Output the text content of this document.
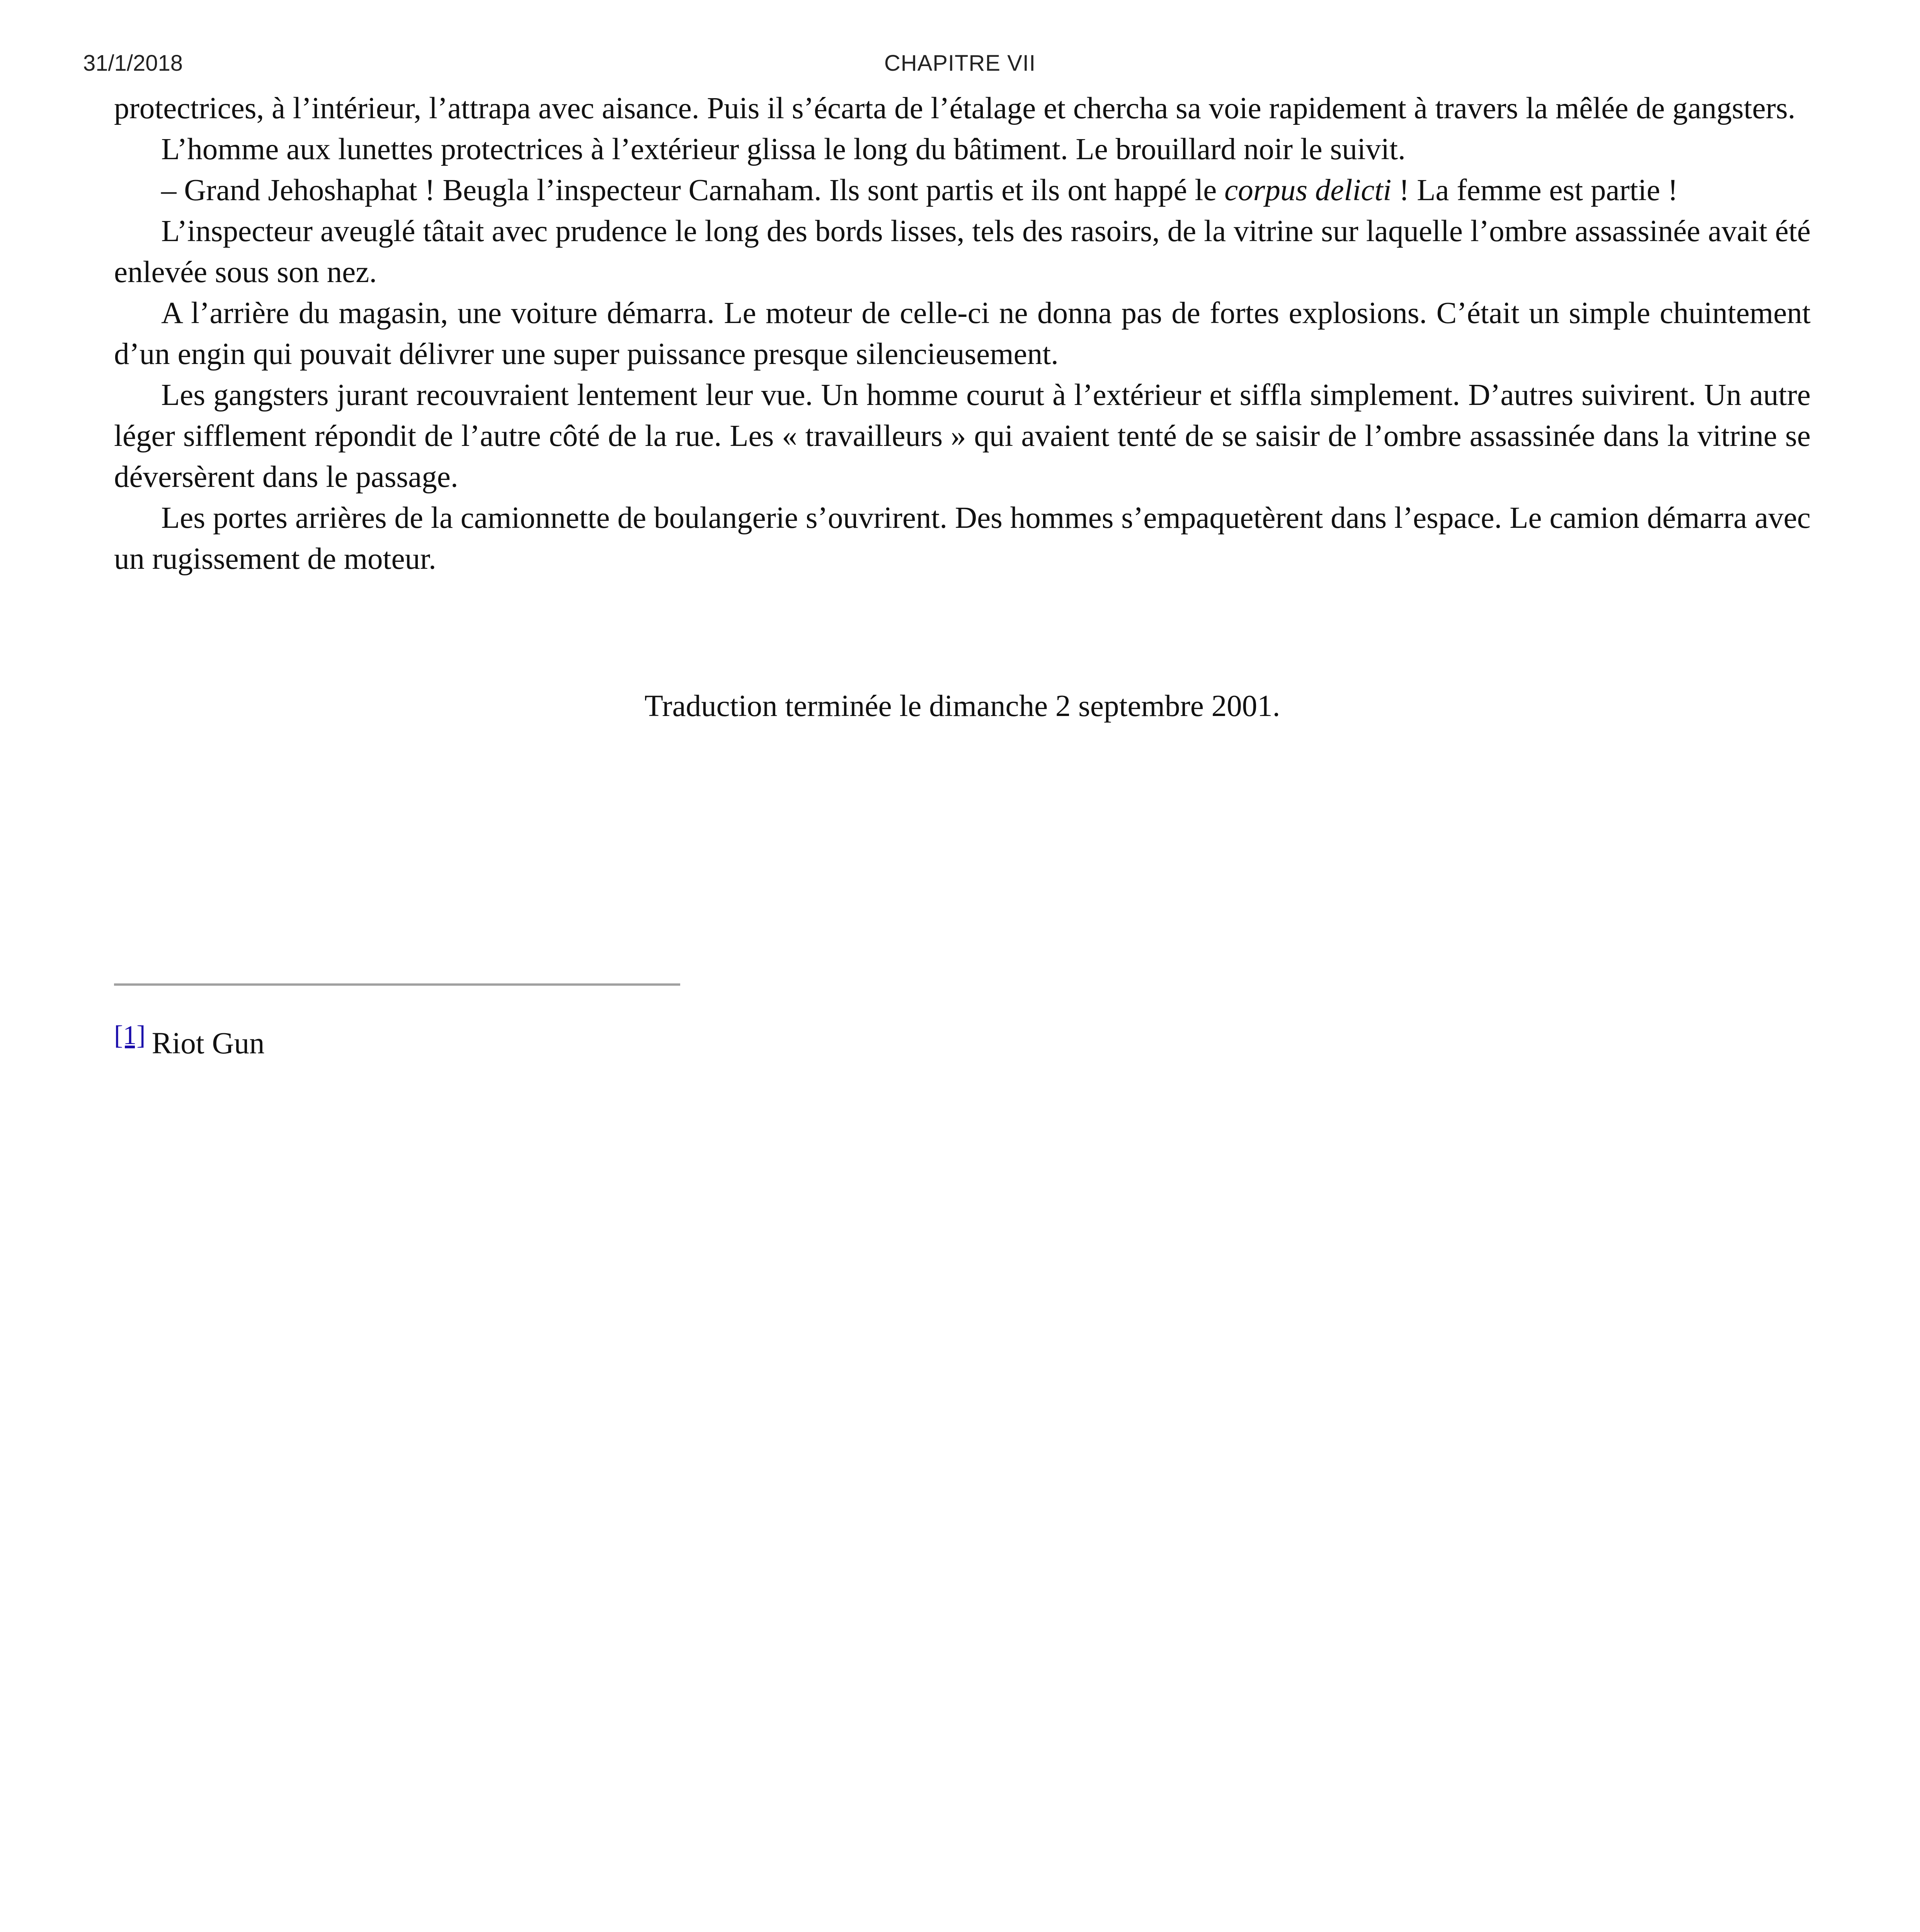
31/1/2018	CHAPITRE VII

protectrices, à l’intérieur, l’attrapa avec aisance. Puis il s’écarta de l’étalage et chercha sa voie rapidement à travers la mêlée de gangsters.

L’homme aux lunettes protectrices à l’extérieur glissa le long du bâtiment. Le brouillard noir le suivit.

– Grand Jehoshaphat ! Beugla l’inspecteur Carnaham. Ils sont partis et ils ont happé le corpus delicti ! La femme est partie !

L’inspecteur aveuglé tâtait avec prudence le long des bords lisses, tels des rasoirs, de la vitrine sur laquelle l’ombre assassinée avait été enlevée sous son nez.

A l’arrière du magasin, une voiture démarra. Le moteur de celle-ci ne donna pas de fortes explosions. C’était un simple chuintement d’un engin qui pouvait délivrer une super puissance presque silencieusement.

Les gangsters jurant recouvraient lentement leur vue. Un homme courut à l’extérieur et siffla simplement. D’autres suivirent. Un autre léger sifflement répondit de l’autre côté de la rue. Les « travailleurs » qui avaient tenté de se saisir de l’ombre assassinée dans la vitrine se déversèrent dans le passage.

Les portes arrières de la camionnette de boulangerie s’ouvrirent. Des hommes s’empaquetèrent dans l’espace. Le camion démarra avec un rugissement de moteur.

Traduction terminée le dimanche 2 septembre 2001.
[1] Riot Gun
